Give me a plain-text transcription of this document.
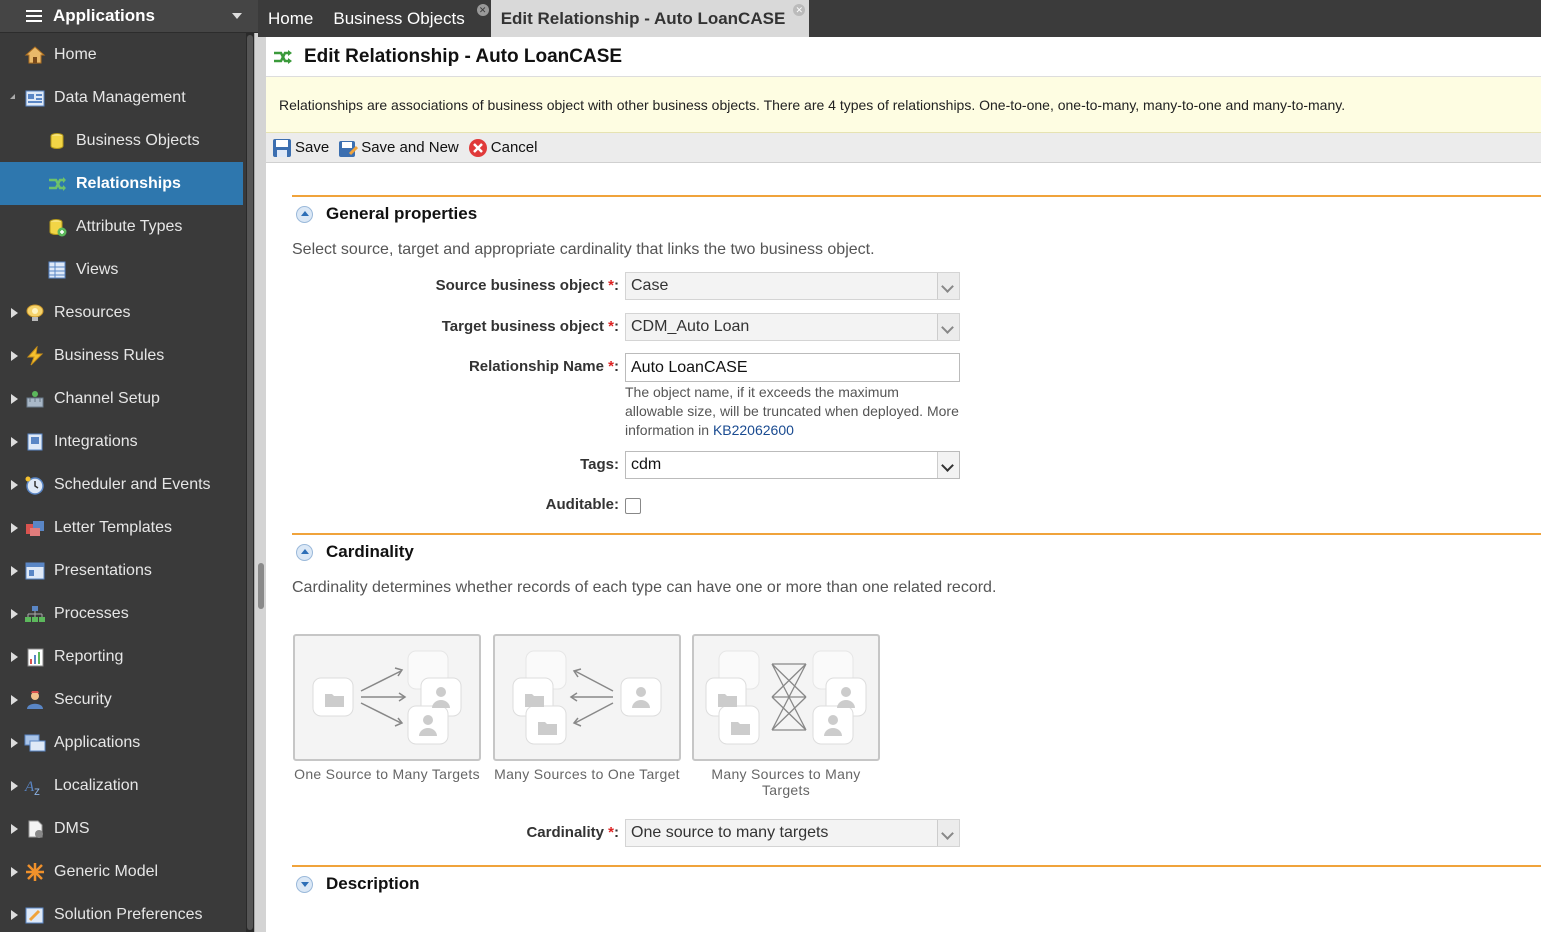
Applications
Home
Data Management
Business Objects
Relationships
Attribute Types
Views
Resources
Business Rules
Channel Setup
Integrations
Scheduler and Events
Letter Templates
Presentations
Processes
Reporting
Security
Applications
A z Localization
DMS
Generic Model
Solution Preferences
Home Business Objects ✕ Edit Relationship - Auto LoanCASE ✕
Edit Relationship - Auto LoanCASE
Relationships are associations of business object with other business objects. There are 4 types of relationships. One-to-one, one-to-many, many-to-one and many-to-many.
Save Save and New Cancel
General properties
Select source, target and appropriate cardinality that links the two business object.
Source business object *: Case
Target business object *: CDM_Auto Loan
Relationship Name *:
Auto LoanCASE
The object name, if it exceeds the maximum allowable size, will be truncated when deployed. More information in KB22062600
Tags: cdm
Auditable:
Cardinality
Cardinality determines whether records of each type can have one or more than one related record.
One Source to Many Targets Many Sources to One Target	Many Sources to Many Targets
Cardinality *: One source to many targets
Description
